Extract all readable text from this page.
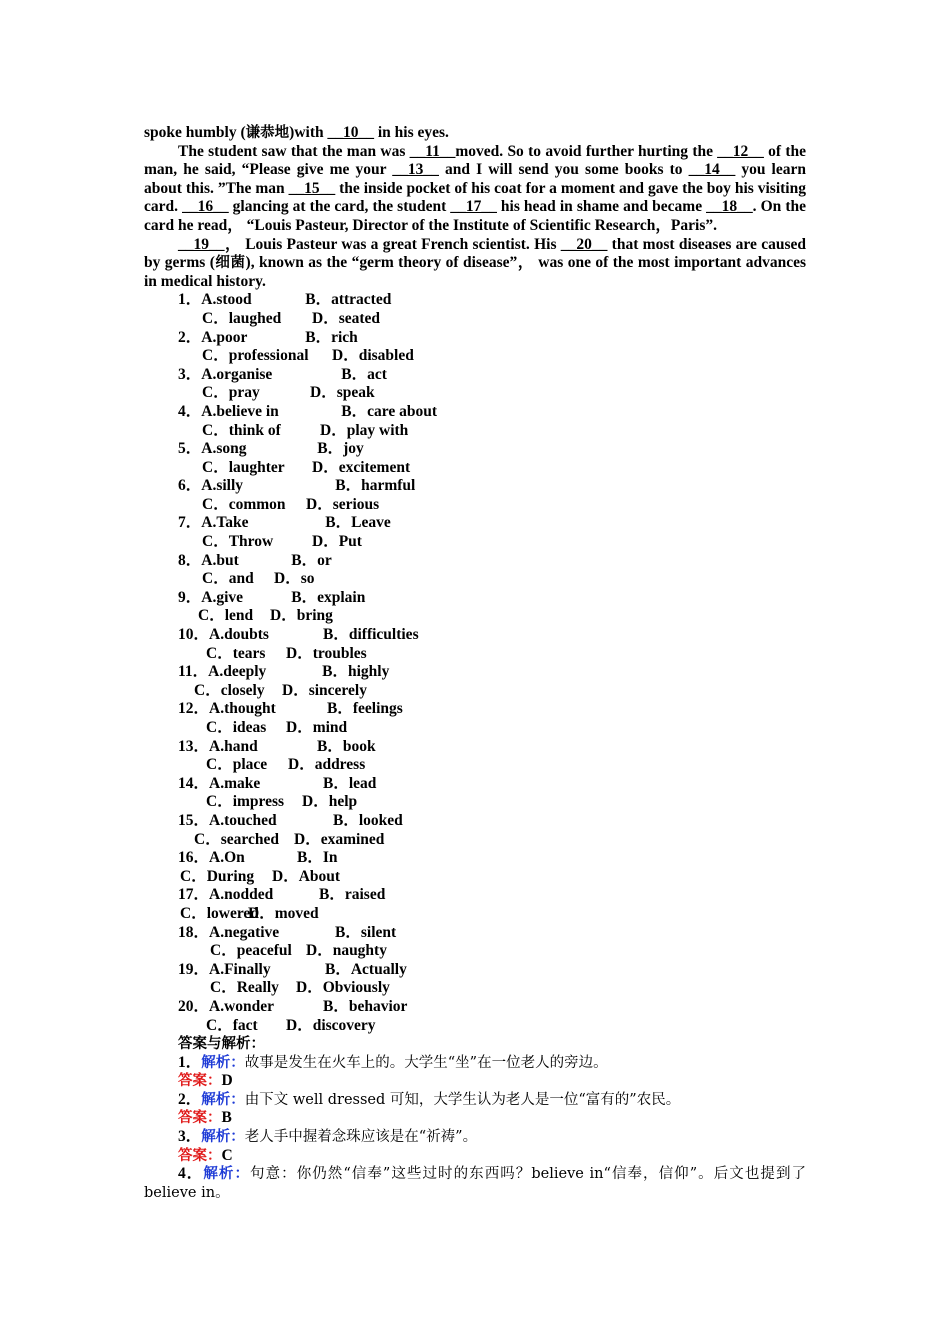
spoke humbly (谦恭地)with __10__ in his eyes.

The student saw that the man was __11__moved. So to avoid further hurting the __12__ of the man, he said, “Please give me your __13__ and I will send you some books to __14__ you learn about this. ”The man __15__ the inside pocket of his coat for a moment and gave the boy his visiting card. __16__ glancing at the card, the student __17__ his head in shame and became __18__. On the card he read， “Louis Pasteur, Director of the Institute of Scientific Research，Paris”.

__19__， Louis Pasteur was a great French scientist. His __20__ that most diseases are caused by germs (细菌), known as the “germ theory of disease”， was one of the most important advances in medical history.

1． A.stood	B．attracted
C．laughed	D．seated
2． A.poor	B．rich
C．professional	D．disabled
3． A.organise	B．act
C．pray	D．speak
4． A.believe in	B．care about
C．think of	D．play with
5． A.song	B．joy
C．laughter	D．excitement
6． A.silly	B．harmful
C．common	D．serious
7． A.Take	B．Leave
C．Throw	D．Put
8． A.but	B．or
C．and	D．so
9． A.give	B．explain
C．lend	D．bring
10． A.doubts	B．difficulties
C．tears	D．troubles
11． A.deeply	B．highly
C．closely	D．sincerely
12． A.thought	B．feelings
C．ideas	D．mind
13． A.hand	B．book
C．place	D．address
14． A.make	B．lead
C．impress	D．help
15． A.touched	B．looked
C．searched D．examined
16． A.On	B．In
C．During	D．About
17． A.nodded	B．raised
C．lowered
D．moved
18． A.negative	B．silent
C．peaceful D．naughty
19． A.Finally	B．Actually
C．Really	D．Obviously
20． A.wonder	B．behavior
C．fact	D．discovery
答案与解析：

1．解析：故事是发生在火车上的。大学生“坐”在一位老人的旁边。

答案：D

2．解析：由下文 well dressed 可知，大学生认为老人是一位“富有的”农民。

答案：B

3．解析：老人手中握着念珠应该是在“祈祷”。

答案：C

4．解析：句意：你仍然“信奉”这些过时的东西吗？believe in“信奉，信仰”。后文也提到了 believe in。
